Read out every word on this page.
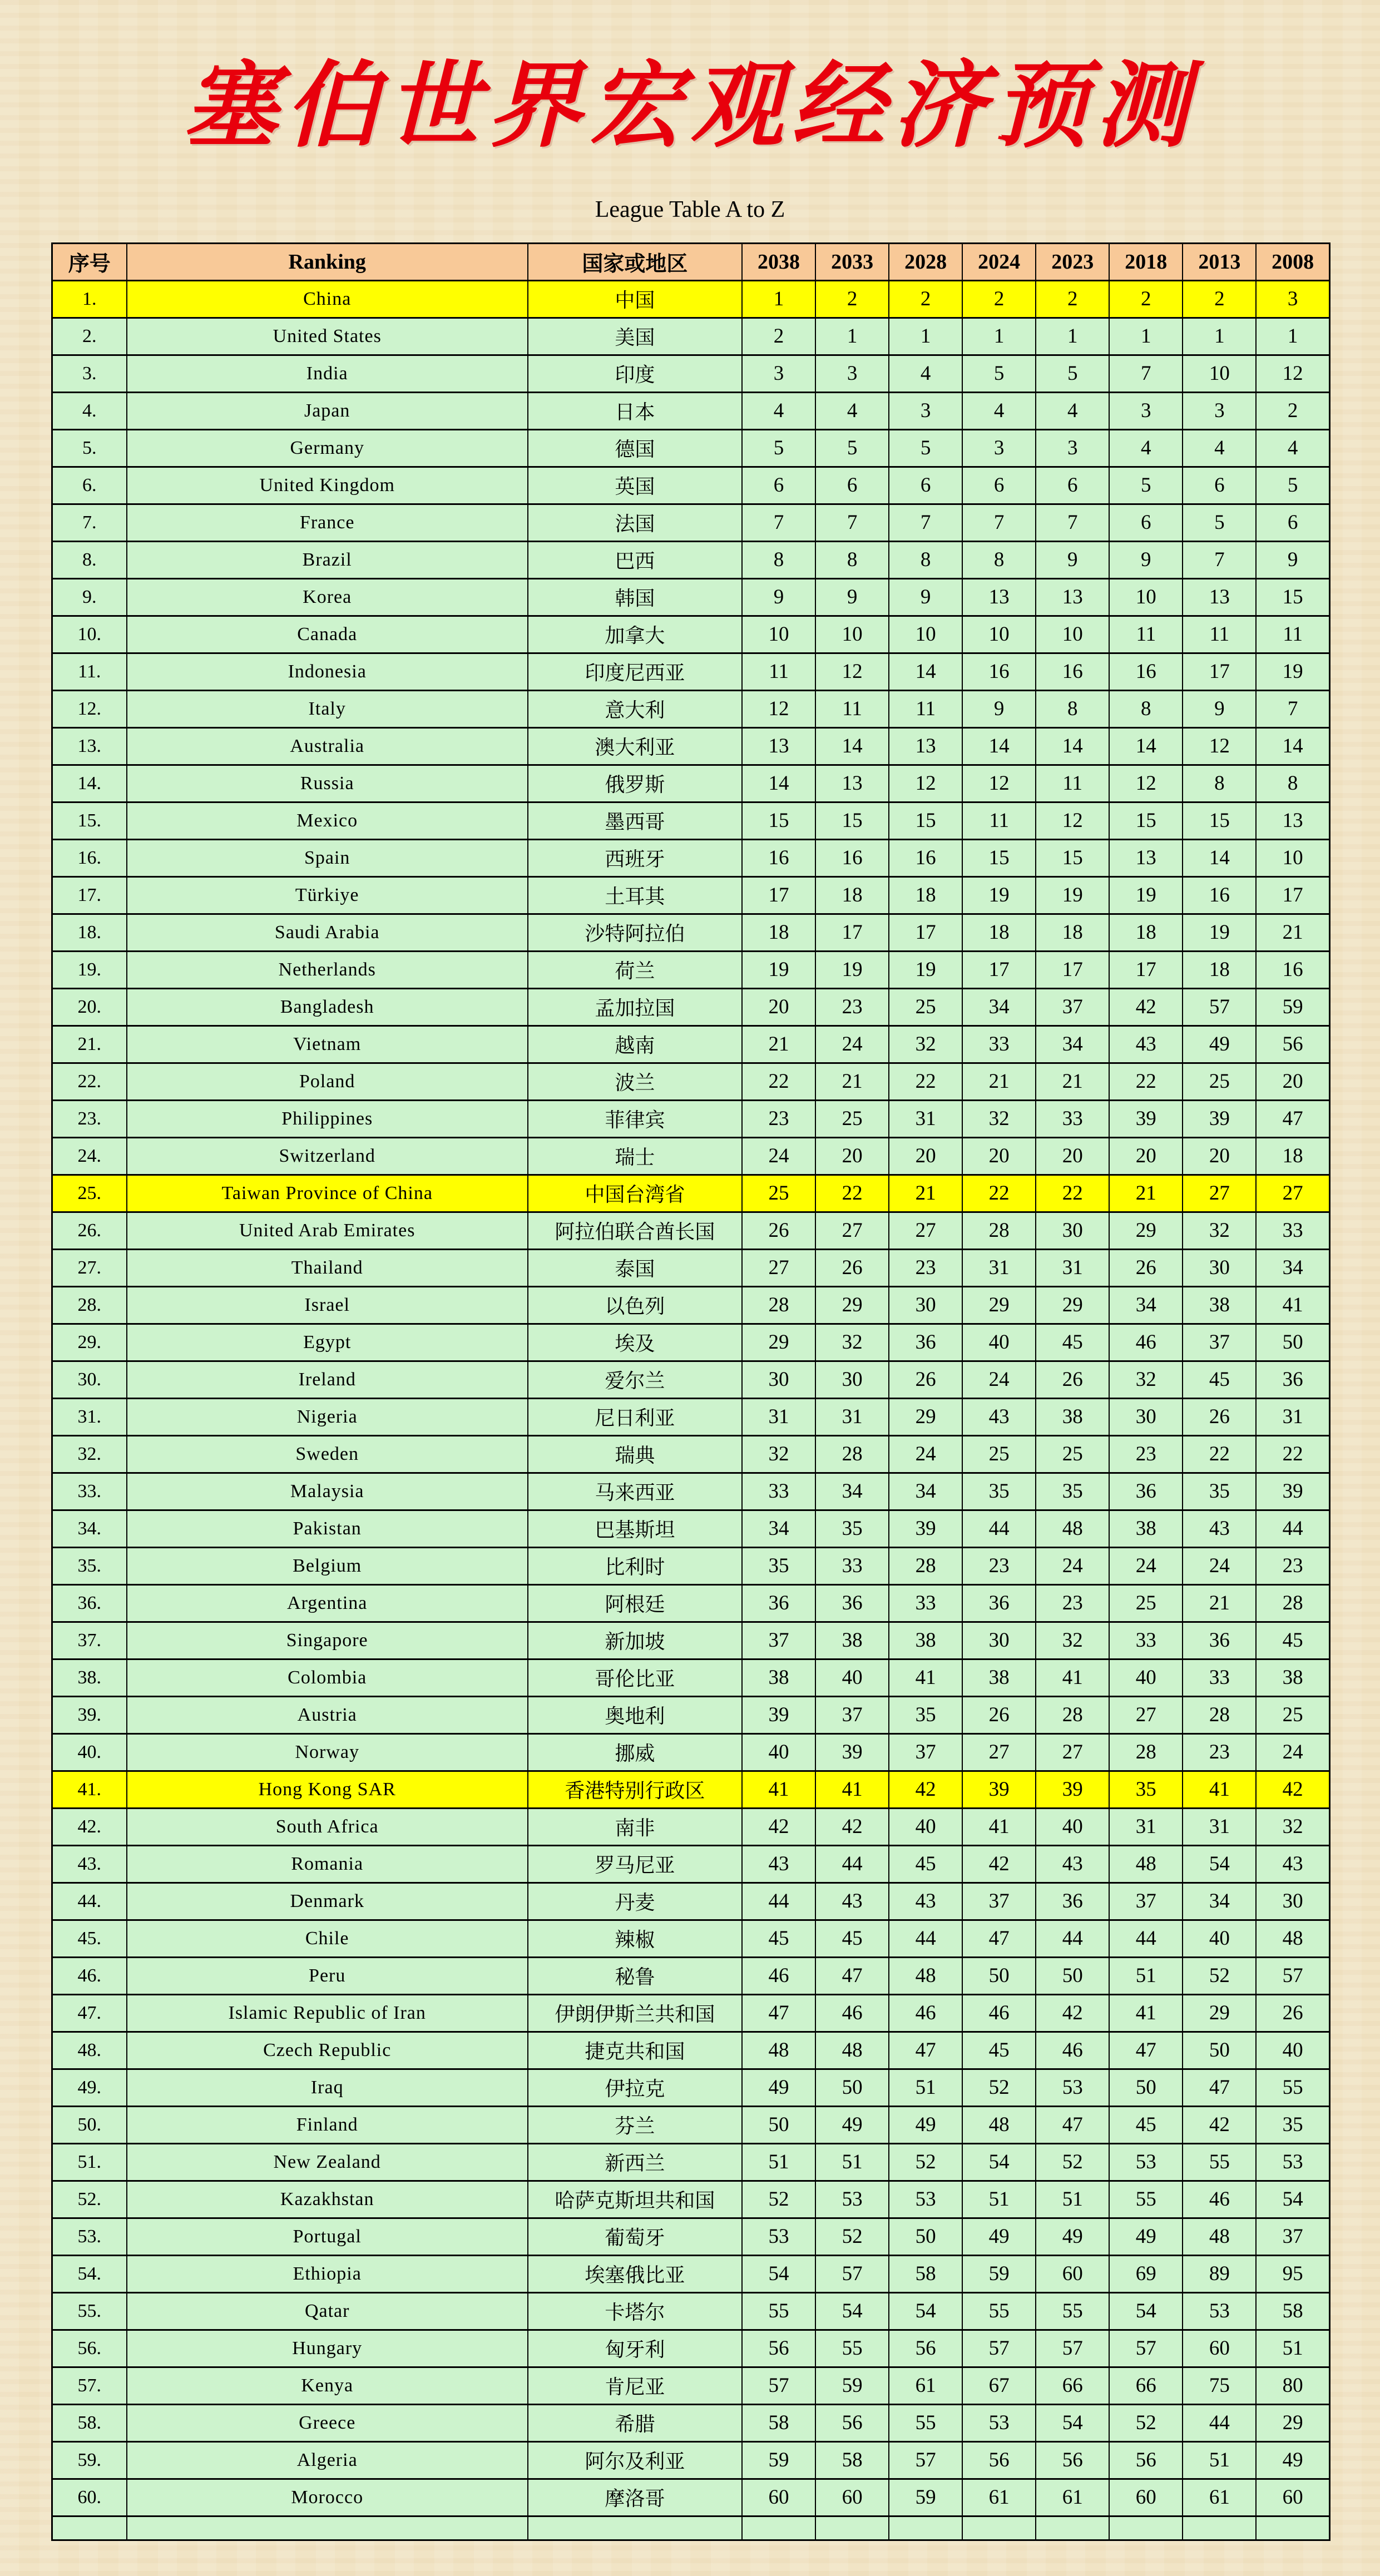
塞伯世界宏观经济预测
League Table A to Z
序号	Ranking	国家或地区	2038	2033	2028	2024	2023	2018	2013	2008
1.	China	中国	1	2	2	2	2	2	2	3
2.	United States	美国	2	1	1	1	1	1	1	1
3.	India	印度	3	3	4	5	5	7	10	12
4.	Japan	日本	4	4	3	4	4	3	3	2
5.	Germany	德国	5	5	5	3	3	4	4	4
6.	United Kingdom	英国	6	6	6	6	6	5	6	5
7.	France	法国	7	7	7	7	7	6	5	6
8.	Brazil	巴西	8	8	8	8	9	9	7	9
9.	Korea	韩国	9	9	9	13	13	10	13	15
10.	Canada	加拿大	10	10	10	10	10	11	11	11
11.	Indonesia	印度尼西亚	11	12	14	16	16	16	17	19
12.	Italy	意大利	12	11	11	9	8	8	9	7
13.	Australia	澳大利亚	13	14	13	14	14	14	12	14
14.	Russia	俄罗斯	14	13	12	12	11	12	8	8
15.	Mexico	墨西哥	15	15	15	11	12	15	15	13
16.	Spain	西班牙	16	16	16	15	15	13	14	10
17.	Türkiye	土耳其	17	18	18	19	19	19	16	17
18.	Saudi Arabia	沙特阿拉伯	18	17	17	18	18	18	19	21
19.	Netherlands	荷兰	19	19	19	17	17	17	18	16
20.	Bangladesh	孟加拉国	20	23	25	34	37	42	57	59
21.	Vietnam	越南	21	24	32	33	34	43	49	56
22.	Poland	波兰	22	21	22	21	21	22	25	20
23.	Philippines	菲律宾	23	25	31	32	33	39	39	47
24.	Switzerland	瑞士	24	20	20	20	20	20	20	18
25.	Taiwan Province of China	中国台湾省	25	22	21	22	22	21	27	27
26.	United Arab Emirates	阿拉伯联合酋长国	26	27	27	28	30	29	32	33
27.	Thailand	泰国	27	26	23	31	31	26	30	34
28.	Israel	以色列	28	29	30	29	29	34	38	41
29.	Egypt	埃及	29	32	36	40	45	46	37	50
30.	Ireland	爱尔兰	30	30	26	24	26	32	45	36
31.	Nigeria	尼日利亚	31	31	29	43	38	30	26	31
32.	Sweden	瑞典	32	28	24	25	25	23	22	22
33.	Malaysia	马来西亚	33	34	34	35	35	36	35	39
34.	Pakistan	巴基斯坦	34	35	39	44	48	38	43	44
35.	Belgium	比利时	35	33	28	23	24	24	24	23
36.	Argentina	阿根廷	36	36	33	36	23	25	21	28
37.	Singapore	新加坡	37	38	38	30	32	33	36	45
38.	Colombia	哥伦比亚	38	40	41	38	41	40	33	38
39.	Austria	奥地利	39	37	35	26	28	27	28	25
40.	Norway	挪威	40	39	37	27	27	28	23	24
41.	Hong Kong SAR	香港特别行政区	41	41	42	39	39	35	41	42
42.	South Africa	南非	42	42	40	41	40	31	31	32
43.	Romania	罗马尼亚	43	44	45	42	43	48	54	43
44.	Denmark	丹麦	44	43	43	37	36	37	34	30
45.	Chile	辣椒	45	45	44	47	44	44	40	48
46.	Peru	秘鲁	46	47	48	50	50	51	52	57
47.	Islamic Republic of Iran	伊朗伊斯兰共和国	47	46	46	46	42	41	29	26
48.	Czech Republic	捷克共和国	48	48	47	45	46	47	50	40
49.	Iraq	伊拉克	49	50	51	52	53	50	47	55
50.	Finland	芬兰	50	49	49	48	47	45	42	35
51.	New Zealand	新西兰	51	51	52	54	52	53	55	53
52.	Kazakhstan	哈萨克斯坦共和国	52	53	53	51	51	55	46	54
53.	Portugal	葡萄牙	53	52	50	49	49	49	48	37
54.	Ethiopia	埃塞俄比亚	54	57	58	59	60	69	89	95
55.	Qatar	卡塔尔	55	54	54	55	55	54	53	58
56.	Hungary	匈牙利	56	55	56	57	57	57	60	51
57.	Kenya	肯尼亚	57	59	61	67	66	66	75	80
58.	Greece	希腊	58	56	55	53	54	52	44	29
59.	Algeria	阿尔及利亚	59	58	57	56	56	56	51	49
60.	Morocco	摩洛哥	60	60	59	61	61	60	61	60
